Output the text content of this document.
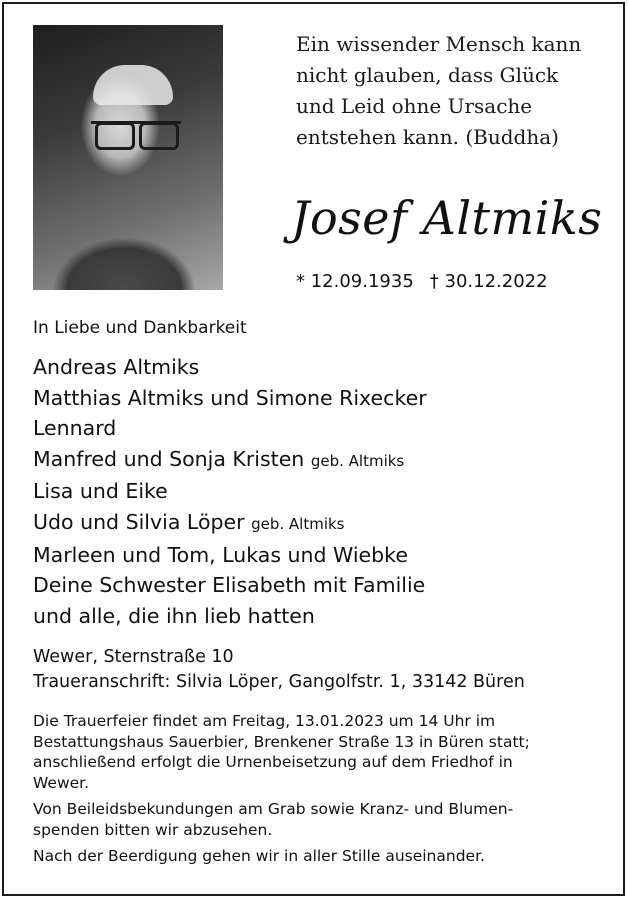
Ein wissender Mensch kann
nicht glauben, dass Glück
und Leid ohne Ursache
entstehen kann. (Buddha)
Josef Altmiks
* 12.09.1935 † 30.12.2022
In Liebe und Dankbarkeit
Andreas Altmiks
Matthias Altmiks und Simone Rixecker
Lennard
Manfred und Sonja Kristen geb. Altmiks
Lisa und Eike
Udo und Silvia Löper geb. Altmiks
Marleen und Tom, Lukas und Wiebke
Deine Schwester Elisabeth mit Familie
und alle, die ihn lieb hatten
Wewer, Sternstraße 10
Traueranschrift: Silvia Löper, Gangolfstr. 1, 33142 Büren

Die Trauerfeier findet am Freitag, 13.01.2023 um 14 Uhr im
Bestattungshaus Sauerbier, Brenkener Straße 13 in Büren statt;
anschließend erfolgt die Urnenbeisetzung auf dem Friedhof in
Wewer.

Von Beileidsbekundungen am Grab sowie Kranz- und Blumen-
spenden bitten wir abzusehen.

Nach der Beerdigung gehen wir in aller Stille auseinander.
